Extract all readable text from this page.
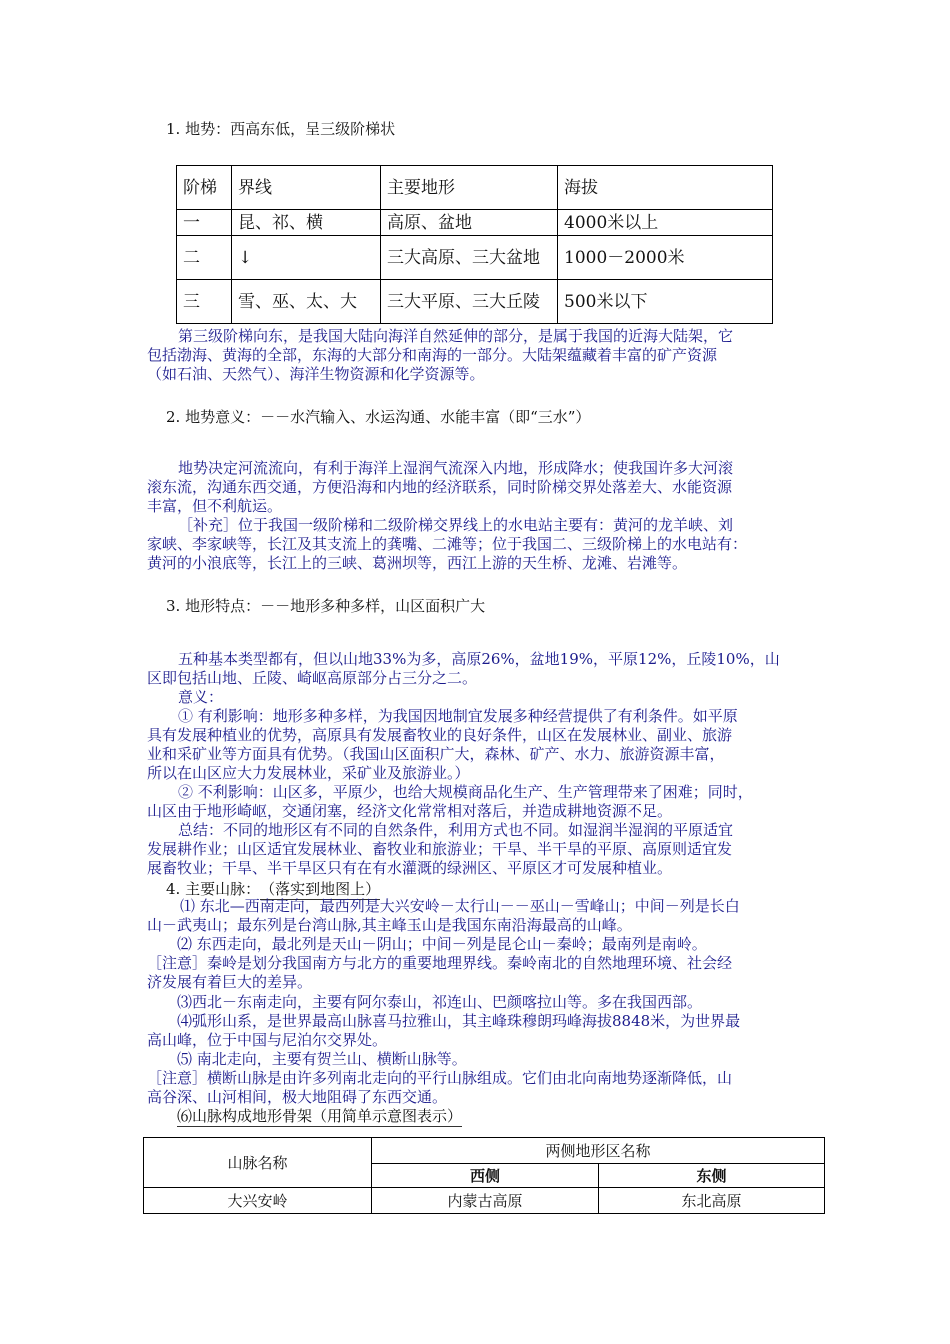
1. 地势：西高东低，呈三级阶梯状
阶梯	界线	主要地形	海拔
一	昆、祁、横	高原、盆地	4000米以上
二	↓	三大高原、三大盆地	1000－2000米
三	雪、巫、太、大	三大平原、三大丘陵	500米以下
第三级阶梯向东，是我国大陆向海洋自然延伸的部分，是属于我国的近海大陆架，它
包括渤海、黄海的全部，东海的大部分和南海的一部分。大陆架蕴藏着丰富的矿产资源
（如石油、天然气）、海洋生物资源和化学资源等。
2. 地势意义：－－水汽输入、水运沟通、水能丰富（即“三水”）
地势决定河流流向，有利于海洋上湿润气流深入内地，形成降水；使我国许多大河滚
滚东流，沟通东西交通，方便沿海和内地的经济联系，同时阶梯交界处落差大、水能资源
丰富，但不利航运。
［补充］位于我国一级阶梯和二级阶梯交界线上的水电站主要有：黄河的龙羊峡、刘
家峡、李家峡等，长江及其支流上的龚嘴、二滩等；位于我国二、三级阶梯上的水电站有：
黄河的小浪底等，长江上的三峡、葛洲坝等，西江上游的天生桥、龙滩、岩滩等。
3. 地形特点：－－地形多种多样，山区面积广大
五种基本类型都有，但以山地33%为多，高原26%，盆地19%，平原12%，丘陵10%，山
区即包括山地、丘陵、崎岖高原部分占三分之二。
意义：
① 有利影响：地形多种多样，为我国因地制宜发展多种经营提供了有利条件。如平原
具有发展种植业的优势，高原具有发展畜牧业的良好条件，山区在发展林业、副业、旅游
业和采矿业等方面具有优势。（我国山区面积广大，森林、矿产、水力、旅游资源丰富，
所以在山区应大力发展林业，采矿业及旅游业。）
② 不利影响：山区多，平原少，也给大规模商品化生产、生产管理带来了困难；同时，
山区由于地形崎岖，交通闭塞，经济文化常常相对落后，并造成耕地资源不足。
总结：不同的地形区有不同的自然条件，利用方式也不同。如湿润半湿润的平原适宜
发展耕作业；山区适宜发展林业、畜牧业和旅游业；干旱、半干旱的平原、高原则适宜发
展畜牧业；干旱、半干旱区只有在有水灌溉的绿洲区、平原区才可发展种植业。
4. 主要山脉：（落实到地图上）
⑴ 东北—西南走向，最西列是大兴安岭－太行山－－巫山－雪峰山；中间－列是长白
山－武夷山；最东列是台湾山脉,其主峰玉山是我国东南沿海最高的山峰。
⑵ 东西走向，最北列是天山－阴山；中间－列是昆仑山－秦岭；最南列是南岭。
［注意］秦岭是划分我国南方与北方的重要地理界线。秦岭南北的自然地理环境、社会经
济发展有着巨大的差异。
⑶西北－东南走向，主要有阿尔泰山，祁连山、巴颜喀拉山等。多在我国西部。
⑷弧形山系，是世界最高山脉喜马拉雅山，其主峰珠穆朗玛峰海拔8848米，为世界最
高山峰，位于中国与尼泊尔交界处。
⑸ 南北走向，主要有贺兰山、横断山脉等。
［注意］横断山脉是由许多列南北走向的平行山脉组成。它们由北向南地势逐渐降低，山
高谷深、山河相间，极大地阻碍了东西交通。
⑹山脉构成地形骨架（用简单示意图表示）
山脉名称	两侧地形区名称	
	西侧	东侧
大兴安岭	内蒙古高原	东北高原
